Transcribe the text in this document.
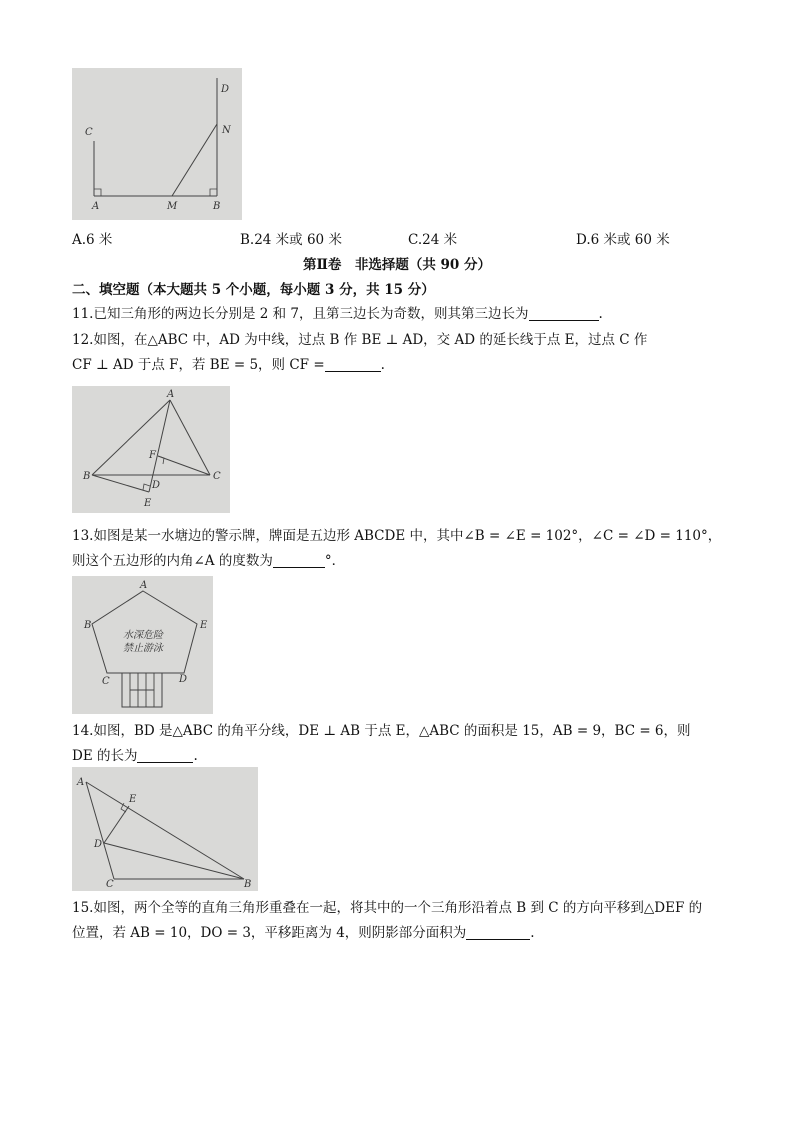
C
D
N
A	M	B
A.6 米	B.24 米或 60 米	C.24 米	D.6 米或 60 米
第Ⅱ卷　非选择题（共 90 分）
二、填空题（本大题共 5 个小题，每小题 3 分，共 15 分）
11.已知三角形的两边长分别是 2 和 7，且第三边长为奇数，则其第三边长为	.
12.如图，在△ABC 中，AD 为中线，过点 B 作 BE ⊥ AD，交 AD 的延长线于点 E，过点 C 作
CF ⊥ AD 于点 F，若 BE = 5，则 CF =	.
A
B	C
D
E
F
13.如图是某一水塘边的警示牌，牌面是五边形 ABCDE 中，其中∠B = ∠E = 102°，∠C = ∠D = 110°，
则这个五边形的内角∠A 的度数为	°．
水深危险
禁止游泳
A
B	E
C	D
14.如图，BD 是△ABC 的角平分线，DE ⊥ AB 于点 E，△ABC 的面积是 15，AB = 9，BC = 6，则
DE 的长为	.
A
E
D
C	B
15.如图，两个全等的直角三角形重叠在一起，将其中的一个三角形沿着点 B 到 C 的方向平移到△DEF 的
位置，若 AB = 10，DO = 3，平移距离为 4，则阴影部分面积为	.
